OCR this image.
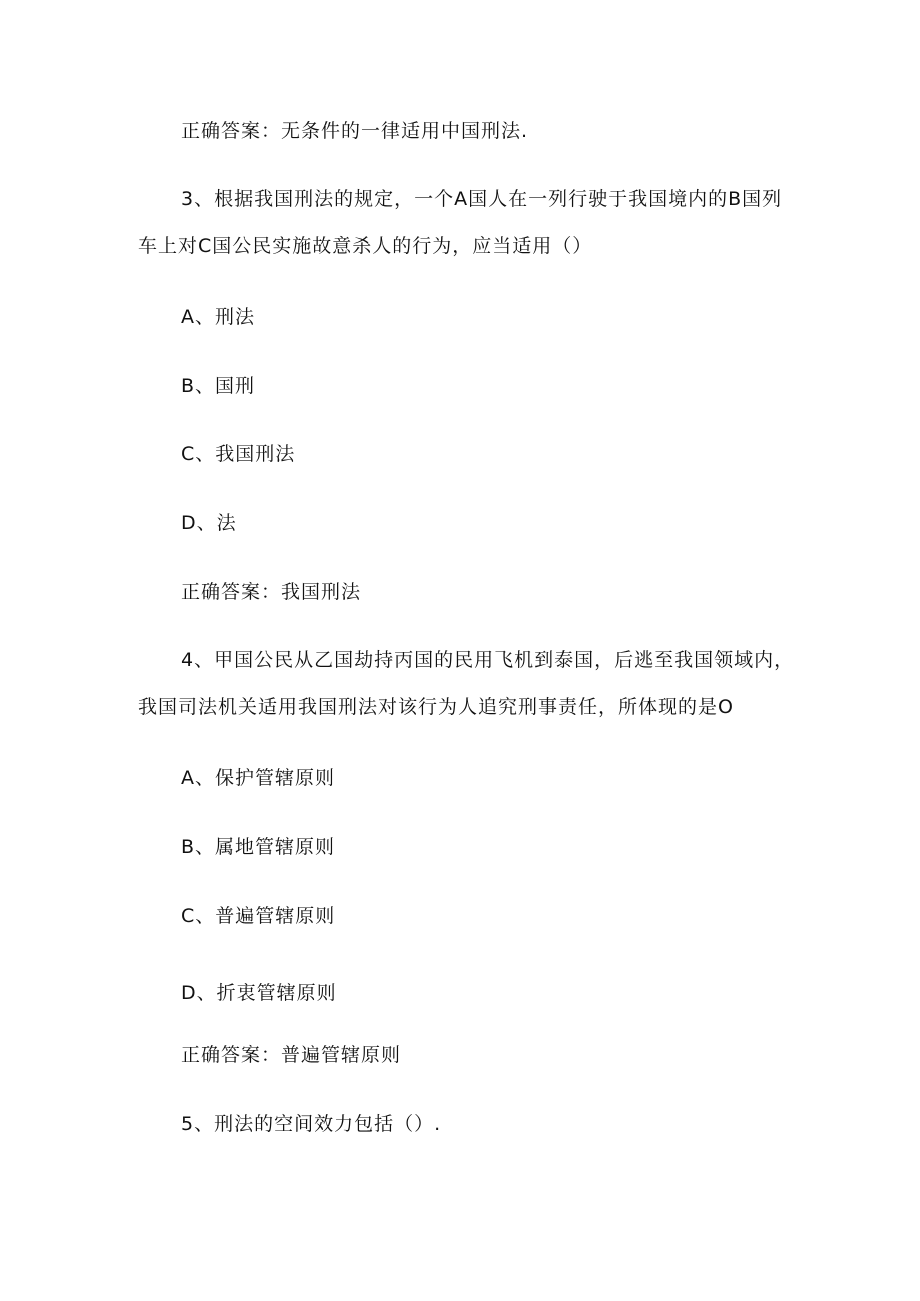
正确答案：无条件的一律适用中国刑法.
3、根据我国刑法的规定，一个A国人在一列行驶于我国境内的B国列
车上对C国公民实施故意杀人的行为，应当适用（）
A、刑法
B、国刑
C、我国刑法
D、法
正确答案：我国刑法
4、甲国公民从乙国劫持丙国的民用飞机到泰国，后逃至我国领域内，
我国司法机关适用我国刑法对该行为人追究刑事责任，所体现的是O
A、保护管辖原则
B、属地管辖原则
C、普遍管辖原则
D、折衷管辖原则
正确答案：普遍管辖原则
5、刑法的空间效力包括（）.
